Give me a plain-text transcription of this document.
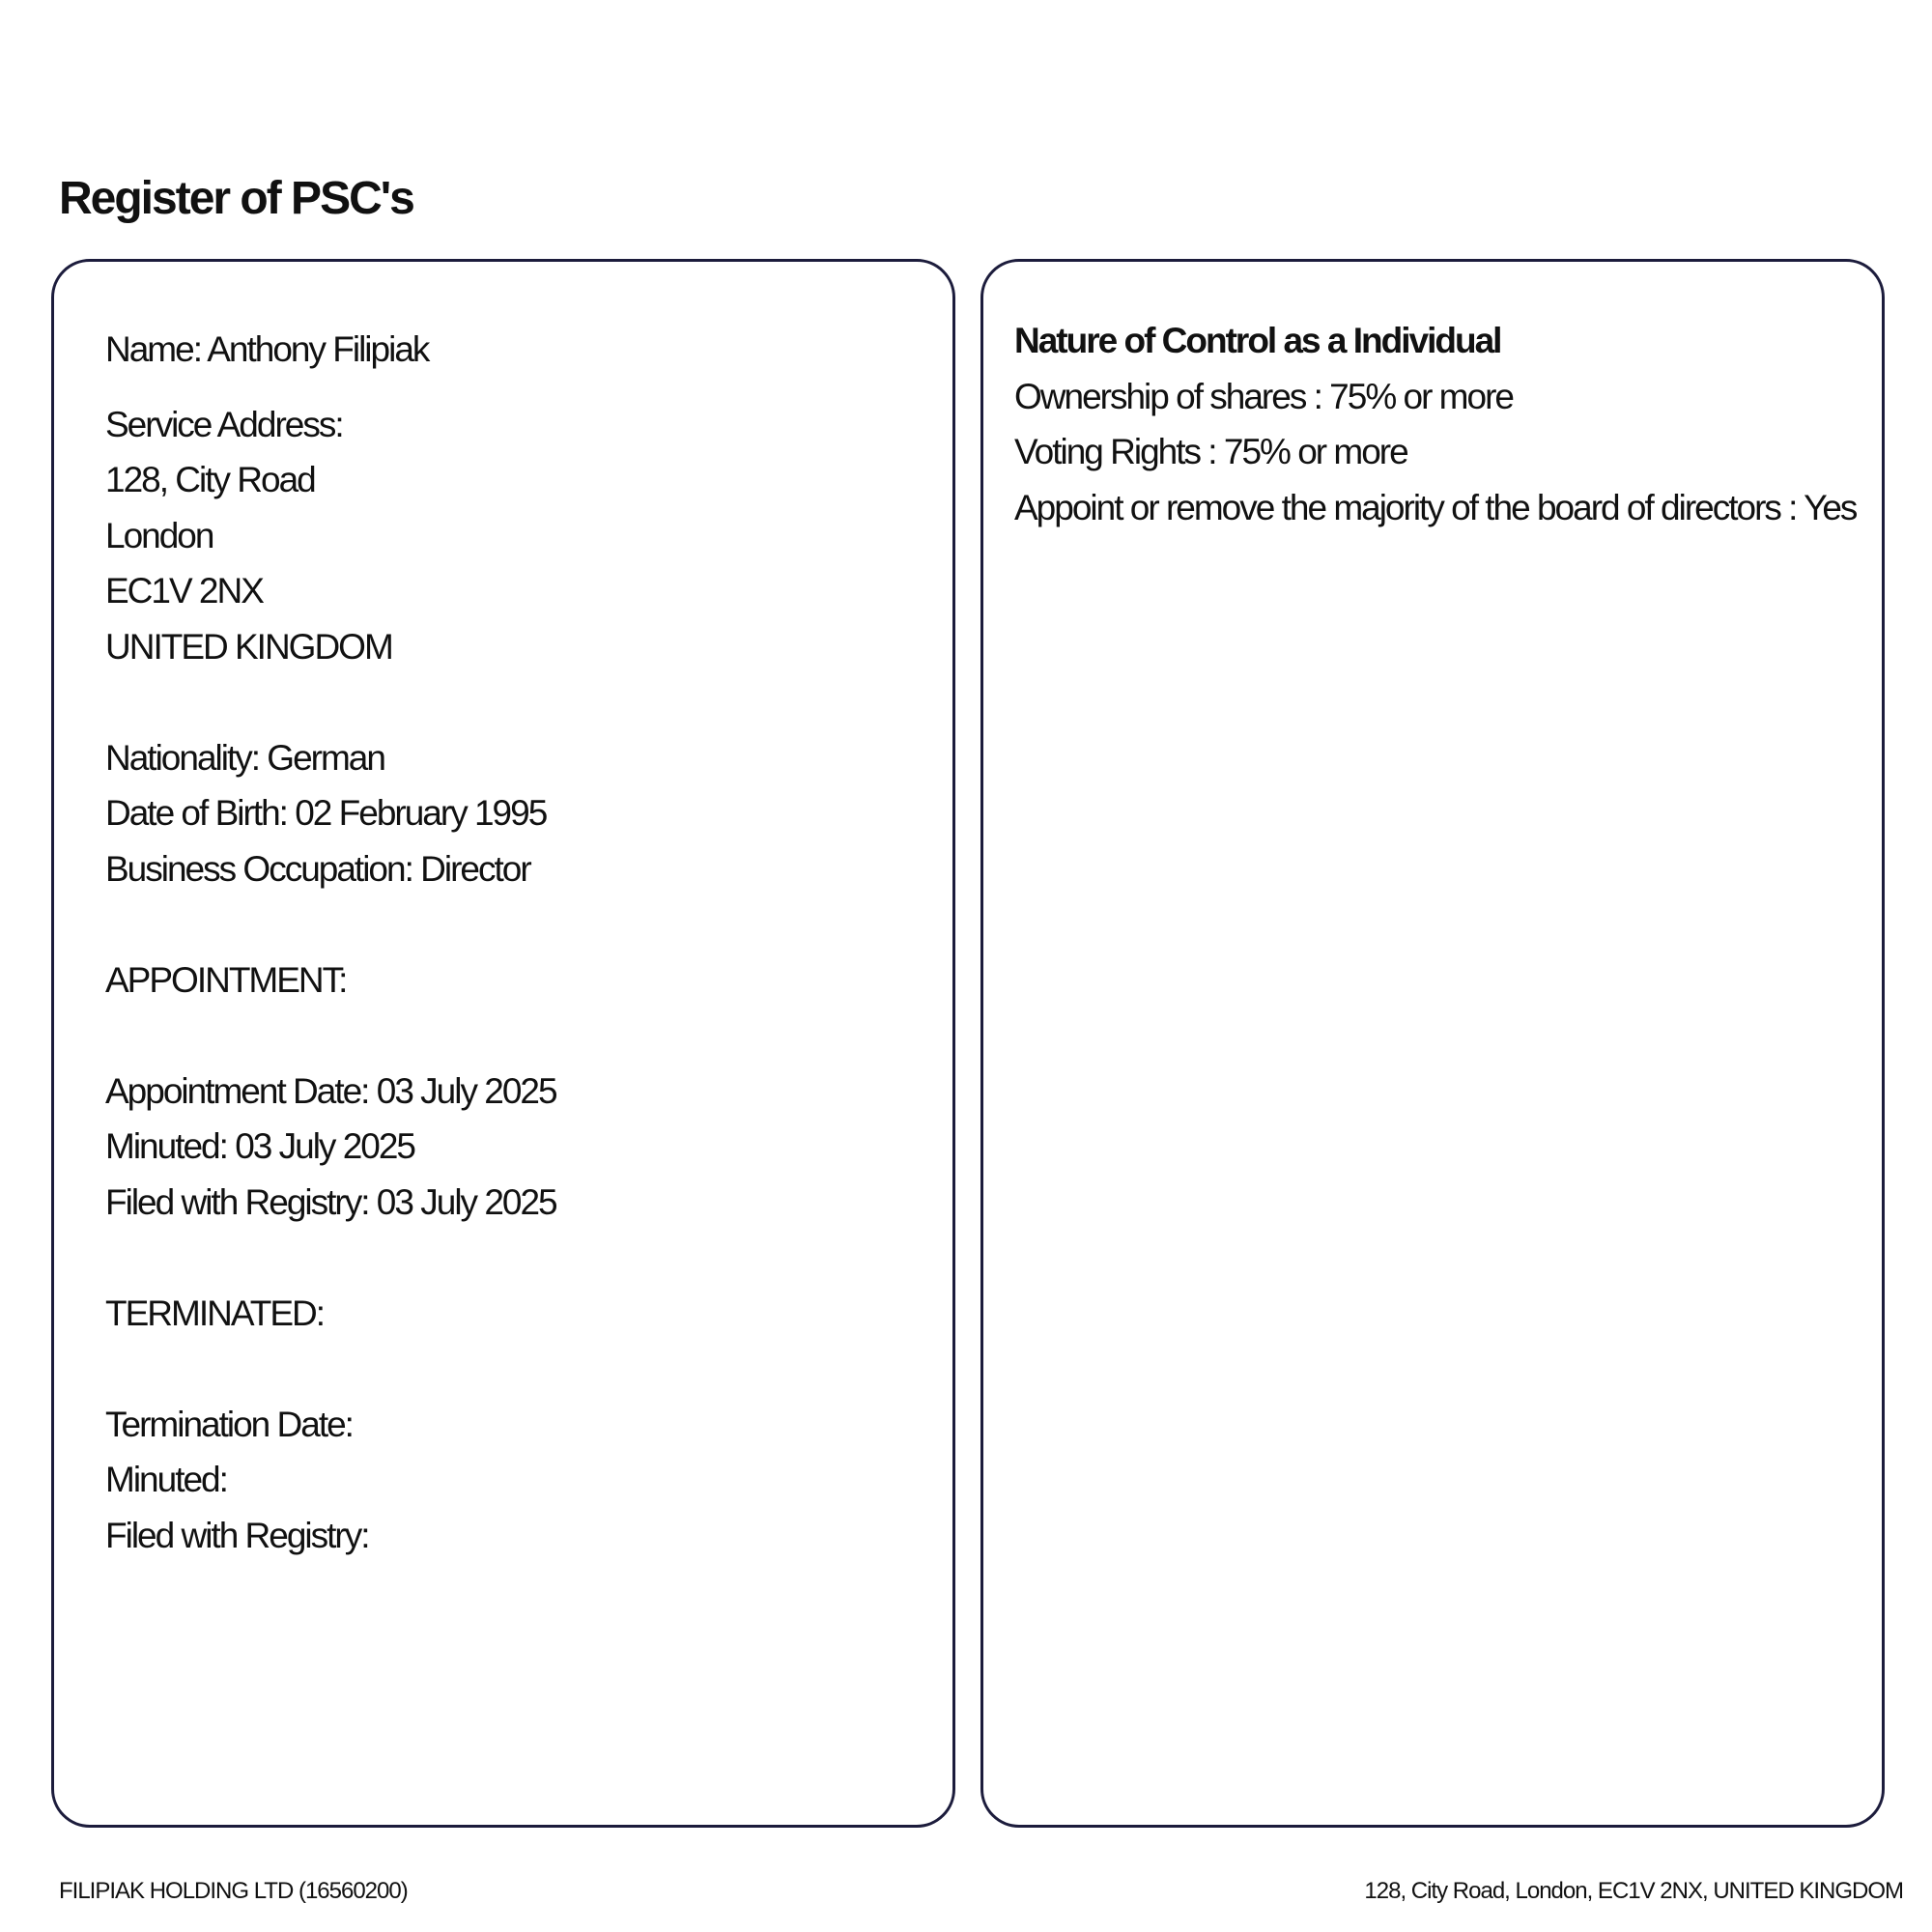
Register of PSC's
Name: Anthony Filipiak
Service Address:
128, City Road
London
EC1V 2NX
UNITED KINGDOM
Nationality: German
Date of Birth: 02 February 1995
Business Occupation: Director
APPOINTMENT:
Appointment Date: 03 July 2025
Minuted: 03 July 2025
Filed with Registry: 03 July 2025
TERMINATED:
Termination Date:
Minuted:
Filed with Registry:
Nature of Control as a Individual
Ownership of shares : 75% or more
Voting Rights : 75% or more
Appoint or remove the majority of the board of directors : Yes
FILIPIAK HOLDING LTD (16560200)	128, City Road, London, EC1V 2NX, UNITED KINGDOM
